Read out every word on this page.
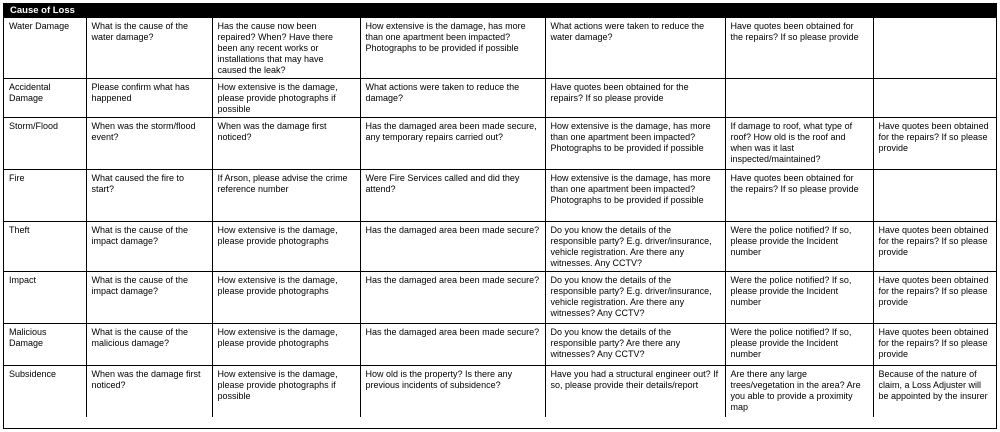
Cause of Loss
Water Damage	What is the cause of the water damage?	Has the cause now been repaired? When? Have there been any recent works or installations that may have caused the leak?	How extensive is the damage, has more than one apartment been impacted? Photographs to be provided if possible	What actions were taken to reduce the water damage?	Have quotes been obtained for the repairs? If so please provide	
Accidental Damage	Please confirm what has happened	How extensive is the damage, please provide photographs if possible	What actions were taken to reduce the damage?	Have quotes been obtained for the repairs? If so please provide		
Storm/Flood	When was the storm/flood event?	When was the damage first noticed?	Has the damaged area been made secure, any temporary repairs carried out?	How extensive is the damage, has more than one apartment been impacted? Photographs to be provided if possible	If damage to roof, what type of roof? How old is the roof and when was it last inspected/maintained?	Have quotes been obtained for the repairs? If so please provide
Fire	What caused the fire to start?	If Arson, please advise the crime reference number	Were Fire Services called and did they attend?	How extensive is the damage, has more than one apartment been impacted? Photographs to be provided if possible	Have quotes been obtained for the repairs? If so please provide	
Theft	What is the cause of the impact damage?	How extensive is the damage, please provide photographs	Has the damaged area been made secure?	Do you know the details of the responsible party? E.g. driver/insurance, vehicle registration. Are there any witnesses. Any CCTV?	Were the police notified? If so, please provide the Incident number	Have quotes been obtained for the repairs? If so please provide
Impact	What is the cause of the impact damage?	How extensive is the damage, please provide photographs	Has the damaged area been made secure?	Do you know the details of the responsible party? E.g. driver/insurance, vehicle registration. Are there any witnesses? Any CCTV?	Were the police notified? If so, please provide the Incident number	Have quotes been obtained for the repairs? If so please provide
Malicious Damage	What is the cause of the malicious damage?	How extensive is the damage, please provide photographs	Has the damaged area been made secure?	Do you know the details of the responsible party? Are there any witnesses? Any CCTV?	Were the police notified? If so, please provide the Incident number	Have quotes been obtained for the repairs? If so please provide
Subsidence	When was the damage first noticed?	How extensive is the damage, please provide photographs if possible	How old is the property? Is there any previous incidents of subsidence?	Have you had a structural engineer out? If so, please provide their details/report	Are there any large trees/vegetation in the area? Are you able to provide a proximity map	Because of the nature of claim, a Loss Adjuster will be appointed by the insurer
